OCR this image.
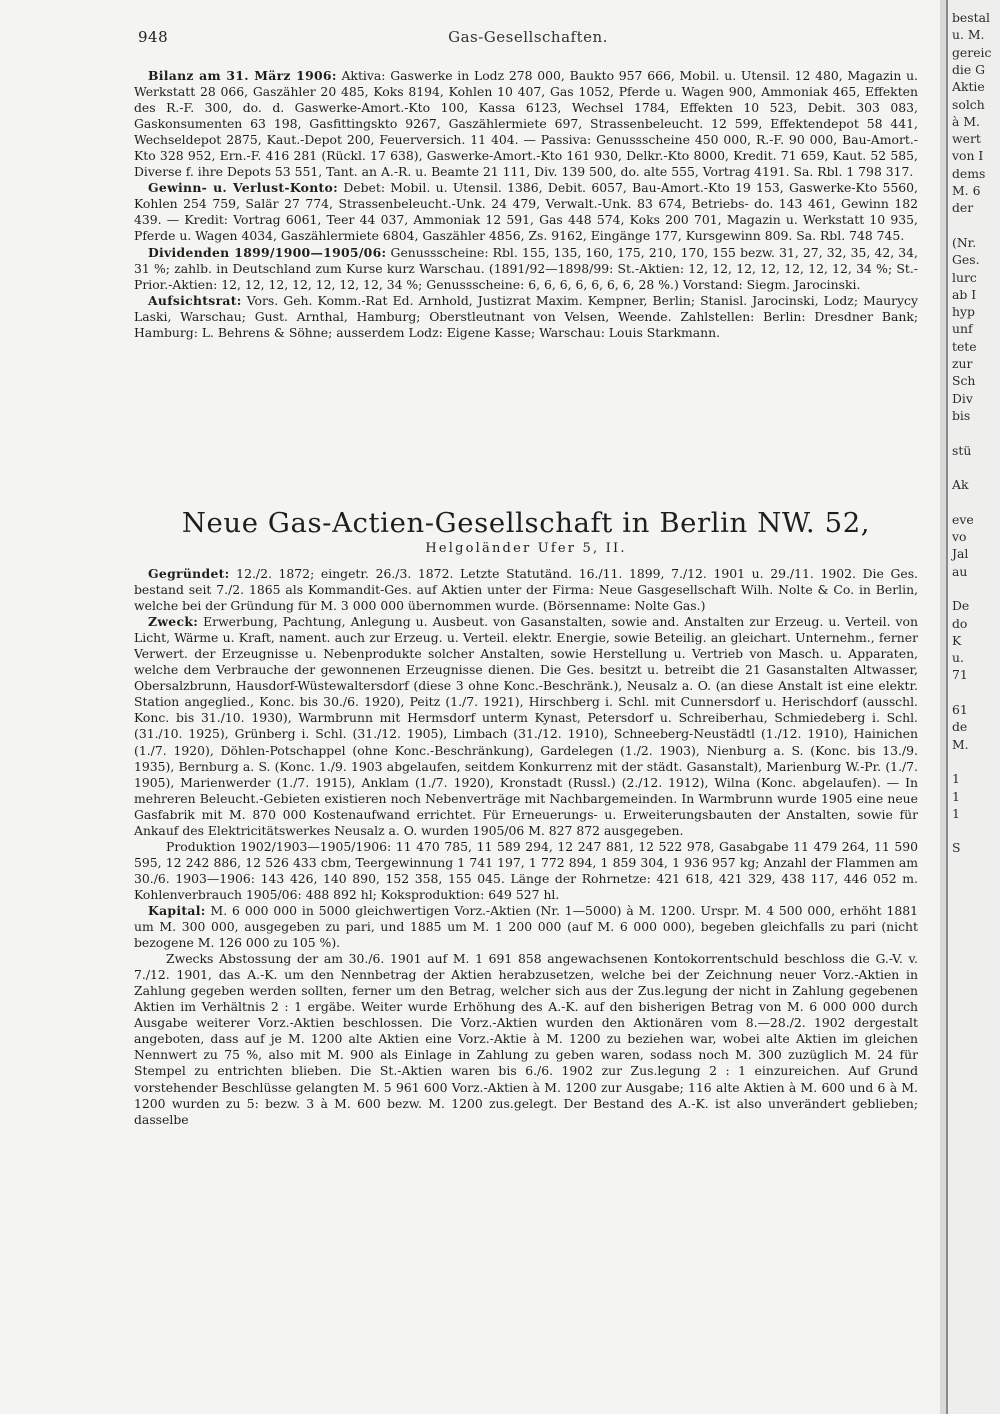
948	Gas-Gesellschaften.

Bilanz am 31. März 1906: Aktiva: Gaswerke in Lodz 278 000, Baukto 957 666, Mobil. u. Utensil. 12 480, Magazin u. Werkstatt 28 066, Gaszähler 20 485, Koks 8194, Kohlen 10 407, Gas 1052, Pferde u. Wagen 900, Ammoniak 465, Effekten des R.-F. 300, do. d. Gaswerke-Amort.-Kto 100, Kassa 6123, Wechsel 1784, Effekten 10 523, Debit. 303 083, Gaskonsumenten 63 198, Gasfittingskto 9267, Gaszählermiete 697, Strassenbeleucht. 12 599, Effektendepot 58 441, Wechseldepot 2875, Kaut.-Depot 200, Feuerversich. 11 404. — Passiva: Genussscheine 450 000, R.-F. 90 000, Bau-Amort.-Kto 328 952, Ern.-F. 416 281 (Rückl. 17 638), Gaswerke-Amort.-Kto 161 930, Delkr.-Kto 8000, Kredit. 71 659, Kaut. 52 585, Diverse f. ihre Depots 53 551, Tant. an A.-R. u. Beamte 21 111, Div. 139 500, do. alte 555, Vortrag 4191. Sa. Rbl. 1 798 317.

Gewinn- u. Verlust-Konto: Debet: Mobil. u. Utensil. 1386, Debit. 6057, Bau-Amort.-Kto 19 153, Gaswerke-Kto 5560, Kohlen 254 759, Salär 27 774, Strassenbeleucht.-Unk. 24 479, Verwalt.-Unk. 83 674, Betriebs- do. 143 461, Gewinn 182 439. — Kredit: Vortrag 6061, Teer 44 037, Ammoniak 12 591, Gas 448 574, Koks 200 701, Magazin u. Werkstatt 10 935, Pferde u. Wagen 4034, Gaszählermiete 6804, Gaszähler 4856, Zs. 9162, Eingänge 177, Kursgewinn 809. Sa. Rbl. 748 745.

Dividenden 1899/1900—1905/06: Genussscheine: Rbl. 155, 135, 160, 175, 210, 170, 155 bezw. 31, 27, 32, 35, 42, 34, 31 %; zahlb. in Deutschland zum Kurse kurz Warschau. (1891/92—1898/99: St.-Aktien: 12, 12, 12, 12, 12, 12, 12, 34 %; St.-Prior.-Aktien: 12, 12, 12, 12, 12, 12, 12, 34 %; Genussscheine: 6, 6, 6, 6, 6, 6, 6, 28 %.) Vorstand: Siegm. Jarocinski.

Aufsichtsrat: Vors. Geh. Komm.-Rat Ed. Arnhold, Justizrat Maxim. Kempner, Berlin; Stanisl. Jarocinski, Lodz; Maurycy Laski, Warschau; Gust. Arnthal, Hamburg; Oberstleutnant von Velsen, Weende. Zahlstellen: Berlin: Dresdner Bank; Hamburg: L. Behrens & Söhne; ausserdem Lodz: Eigene Kasse; Warschau: Louis Starkmann.

Neue Gas-Actien-Gesellschaft in Berlin NW. 52,
Helgoländer Ufer 5, II.

Gegründet: 12./2. 1872; eingetr. 26./3. 1872. Letzte Statutänd. 16./11. 1899, 7./12. 1901 u. 29./11. 1902. Die Ges. bestand seit 7./2. 1865 als Kommandit-Ges. auf Aktien unter der Firma: Neue Gasgesellschaft Wilh. Nolte & Co. in Berlin, welche bei der Gründung für M. 3 000 000 übernommen wurde. (Börsenname: Nolte Gas.)

Zweck: Erwerbung, Pachtung, Anlegung u. Ausbeut. von Gasanstalten, sowie and. Anstalten zur Erzeug. u. Verteil. von Licht, Wärme u. Kraft, nament. auch zur Erzeug. u. Verteil. elektr. Energie, sowie Beteilig. an gleichart. Unternehm., ferner Verwert. der Erzeugnisse u. Nebenprodukte solcher Anstalten, sowie Herstellung u. Vertrieb von Masch. u. Apparaten, welche dem Verbrauche der gewonnenen Erzeugnisse dienen. Die Ges. besitzt u. betreibt die 21 Gasanstalten Altwasser, Obersalzbrunn, Hausdorf-Wüstewaltersdorf (diese 3 ohne Konc.-Beschränk.), Neusalz a. O. (an diese Anstalt ist eine elektr. Station angeglied., Konc. bis 30./6. 1920), Peitz (1./7. 1921), Hirschberg i. Schl. mit Cunnersdorf u. Herischdorf (ausschl. Konc. bis 31./10. 1930), Warmbrunn mit Hermsdorf unterm Kynast, Petersdorf u. Schreiberhau, Schmiedeberg i. Schl. (31./10. 1925), Grünberg i. Schl. (31./12. 1905), Limbach (31./12. 1910), Schneeberg-Neustädtl (1./12. 1910), Hainichen (1./7. 1920), Döhlen-Potschappel (ohne Konc.-Beschränkung), Gardelegen (1./2. 1903), Nienburg a. S. (Konc. bis 13./9. 1935), Bernburg a. S. (Konc. 1./9. 1903 abgelaufen, seitdem Konkurrenz mit der städt. Gasanstalt), Marienburg W.-Pr. (1./7. 1905), Marienwerder (1./7. 1915), Anklam (1./7. 1920), Kronstadt (Russl.) (2./12. 1912), Wilna (Konc. abgelaufen). — In mehreren Beleucht.-Gebieten existieren noch Nebenverträge mit Nachbargemeinden. In Warmbrunn wurde 1905 eine neue Gasfabrik mit M. 870 000 Kostenaufwand errichtet. Für Erneuerungs- u. Erweiterungsbauten der Anstalten, sowie für Ankauf des Elektricitätswerkes Neusalz a. O. wurden 1905/06 M. 827 872 ausgegeben.

Produktion 1902/1903—1905/1906: 11 470 785, 11 589 294, 12 247 881, 12 522 978, Gasabgabe 11 479 264, 11 590 595, 12 242 886, 12 526 433 cbm, Teergewinnung 1 741 197, 1 772 894, 1 859 304, 1 936 957 kg; Anzahl der Flammen am 30./6. 1903—1906: 143 426, 140 890, 152 358, 155 045. Länge der Rohrnetze: 421 618, 421 329, 438 117, 446 052 m. Kohlenverbrauch 1905/06: 488 892 hl; Koksproduktion: 649 527 hl.

Kapital: M. 6 000 000 in 5000 gleichwertigen Vorz.-Aktien (Nr. 1—5000) à M. 1200. Urspr. M. 4 500 000, erhöht 1881 um M. 300 000, ausgegeben zu pari, und 1885 um M. 1 200 000 (auf M. 6 000 000), begeben gleichfalls zu pari (nicht bezogene M. 126 000 zu 105 %).

Zwecks Abstossung der am 30./6. 1901 auf M. 1 691 858 angewachsenen Kontokorrentschuld beschloss die G.-V. v. 7./12. 1901, das A.-K. um den Nennbetrag der Aktien herabzusetzen, welche bei der Zeichnung neuer Vorz.-Aktien in Zahlung gegeben werden sollten, ferner um den Betrag, welcher sich aus der Zus.legung der nicht in Zahlung gegebenen Aktien im Verhältnis 2 : 1 ergäbe. Weiter wurde Erhöhung des A.-K. auf den bisherigen Betrag von M. 6 000 000 durch Ausgabe weiterer Vorz.-Aktien beschlossen. Die Vorz.-Aktien wurden den Aktionären vom 8.—28./2. 1902 dergestalt angeboten, dass auf je M. 1200 alte Aktien eine Vorz.-Aktie à M. 1200 zu beziehen war, wobei alte Aktien im gleichen Nennwert zu 75 %, also mit M. 900 als Einlage in Zahlung zu geben waren, sodass noch M. 300 zuzüglich M. 24 für Stempel zu entrichten blieben. Die St.-Aktien waren bis 6./6. 1902 zur Zus.legung 2 : 1 einzureichen. Auf Grund vorstehender Beschlüsse gelangten M. 5 961 600 Vorz.-Aktien à M. 1200 zur Ausgabe; 116 alte Aktien à M. 600 und 6 à M. 1200 wurden zu 5: bezw. 3 à M. 600 bezw. M. 1200 zus.gelegt. Der Bestand des A.-K. ist also unverändert geblieben; dasselbe

bestal
u. M.
gereic
die G
Aktie
solch
à M.
wert
von I
dems
M. 6
der
(Nr.
Ges.
lurc
ab I
hyp
unf
tete
zur
Sch
Div
bis
stü
Ak
eve
vo
Jal
au
De
do
K
u.
71
61
de
M.
1
1
1
S
